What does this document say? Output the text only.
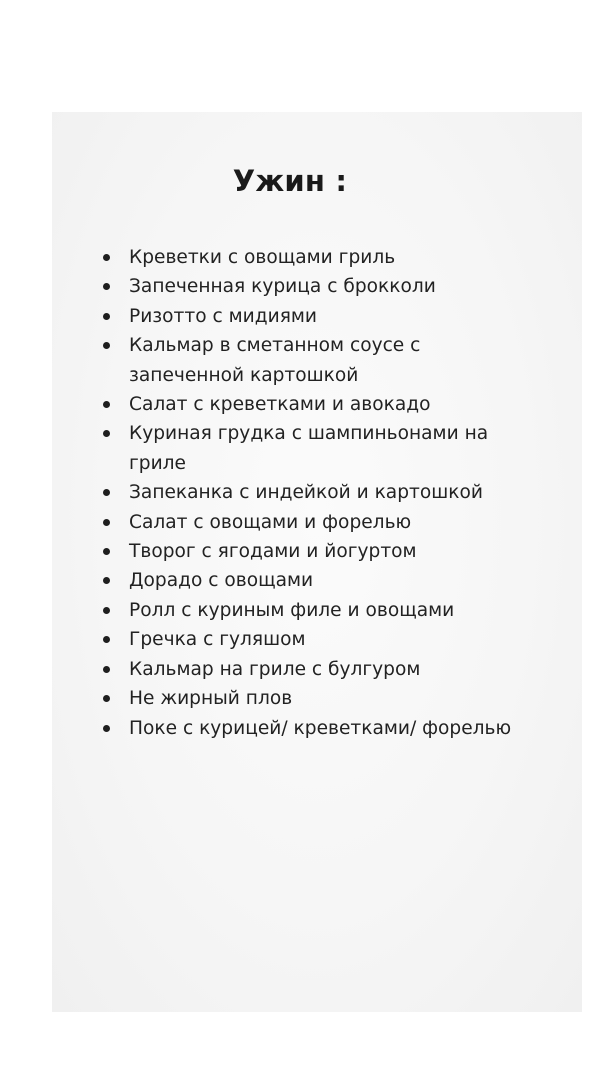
Ужин :
Креветки с овощами гриль
Запеченная курица с брокколи
Ризотто с мидиями
Кальмар в сметанном соусе с запеченной картошкой
Салат с креветками и авокадо
Куриная грудка с шампиньонами на гриле
Запеканка с индейкой и картошкой
Салат с овощами и форелью
Творог с ягодами и йогуртом
Дорадо с овощами
Ролл с куриным филе и овощами
Гречка с гуляшом
Кальмар на гриле с булгуром
Не жирный плов
Поке с курицей/ креветками/ форелью
